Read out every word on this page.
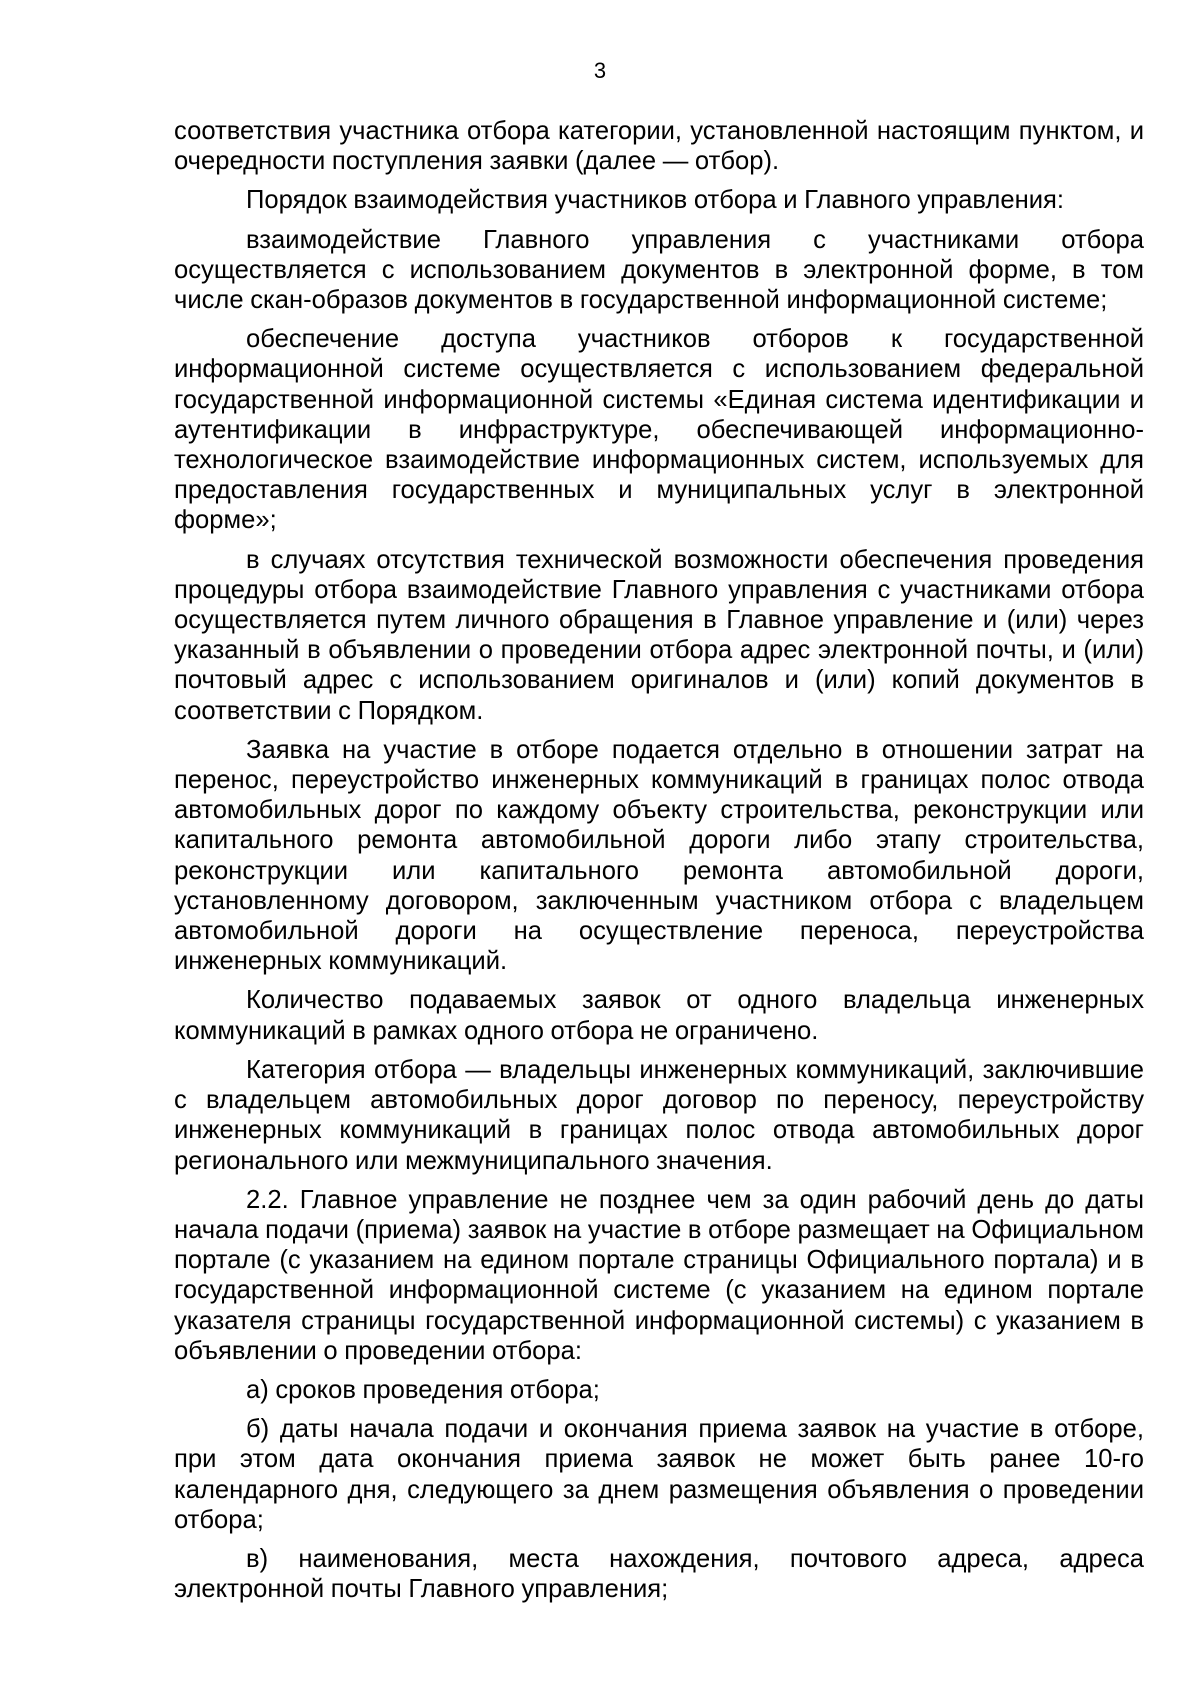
3

соответствия участника отбора категории, установленной настоящим пунктом, и очередности поступления заявки (далее — отбор).

Порядок взаимодействия участников отбора и Главного управления:

взаимодействие Главного управления с участниками отбора осуществляется с использованием документов в электронной форме, в том числе скан-образов документов в государственной информационной системе;

обеспечение доступа участников отборов к государственной информационной системе осуществляется с использованием федеральной государственной информационной системы «Единая система идентификации и аутентификации в инфраструктуре, обеспечивающей информационно-технологическое взаимодействие информационных систем, используемых для предоставления государственных и муниципальных услуг в электронной форме»;

в случаях отсутствия технической возможности обеспечения проведения процедуры отбора взаимодействие Главного управления с участниками отбора осуществляется путем личного обращения в Главное управление и (или) через указанный в объявлении о проведении отбора адрес электронной почты, и (или) почтовый адрес с использованием оригиналов и (или) копий документов в соответствии с Порядком.

Заявка на участие в отборе подается отдельно в отношении затрат на перенос, переустройство инженерных коммуникаций в границах полос отвода автомобильных дорог по каждому объекту строительства, реконструкции или капитального ремонта автомобильной дороги либо этапу строительства, реконструкции или капитального ремонта автомобильной дороги, установленному договором, заключенным участником отбора с владельцем автомобильной дороги на осуществление переноса, переустройства инженерных коммуникаций.

Количество подаваемых заявок от одного владельца инженерных коммуникаций в рамках одного отбора не ограничено.

Категория отбора — владельцы инженерных коммуникаций, заключившие с владельцем автомобильных дорог договор по переносу, переустройству инженерных коммуникаций в границах полос отвода автомобильных дорог регионального или межмуниципального значения.

2.2. Главное управление не позднее чем за один рабочий день до даты начала подачи (приема) заявок на участие в отборе размещает на Официальном портале (с указанием на едином портале страницы Официального портала) и в государственной информационной системе (с указанием на едином портале указателя страницы государственной информационной системы) с указанием в объявлении о проведении отбора:

а) сроков проведения отбора;

б) даты начала подачи и окончания приема заявок на участие в отборе, при этом дата окончания приема заявок не может быть ранее 10-го календарного дня, следующего за днем размещения объявления о проведении отбора;

в) наименования, места нахождения, почтового адреса, адреса электронной почты Главного управления;
